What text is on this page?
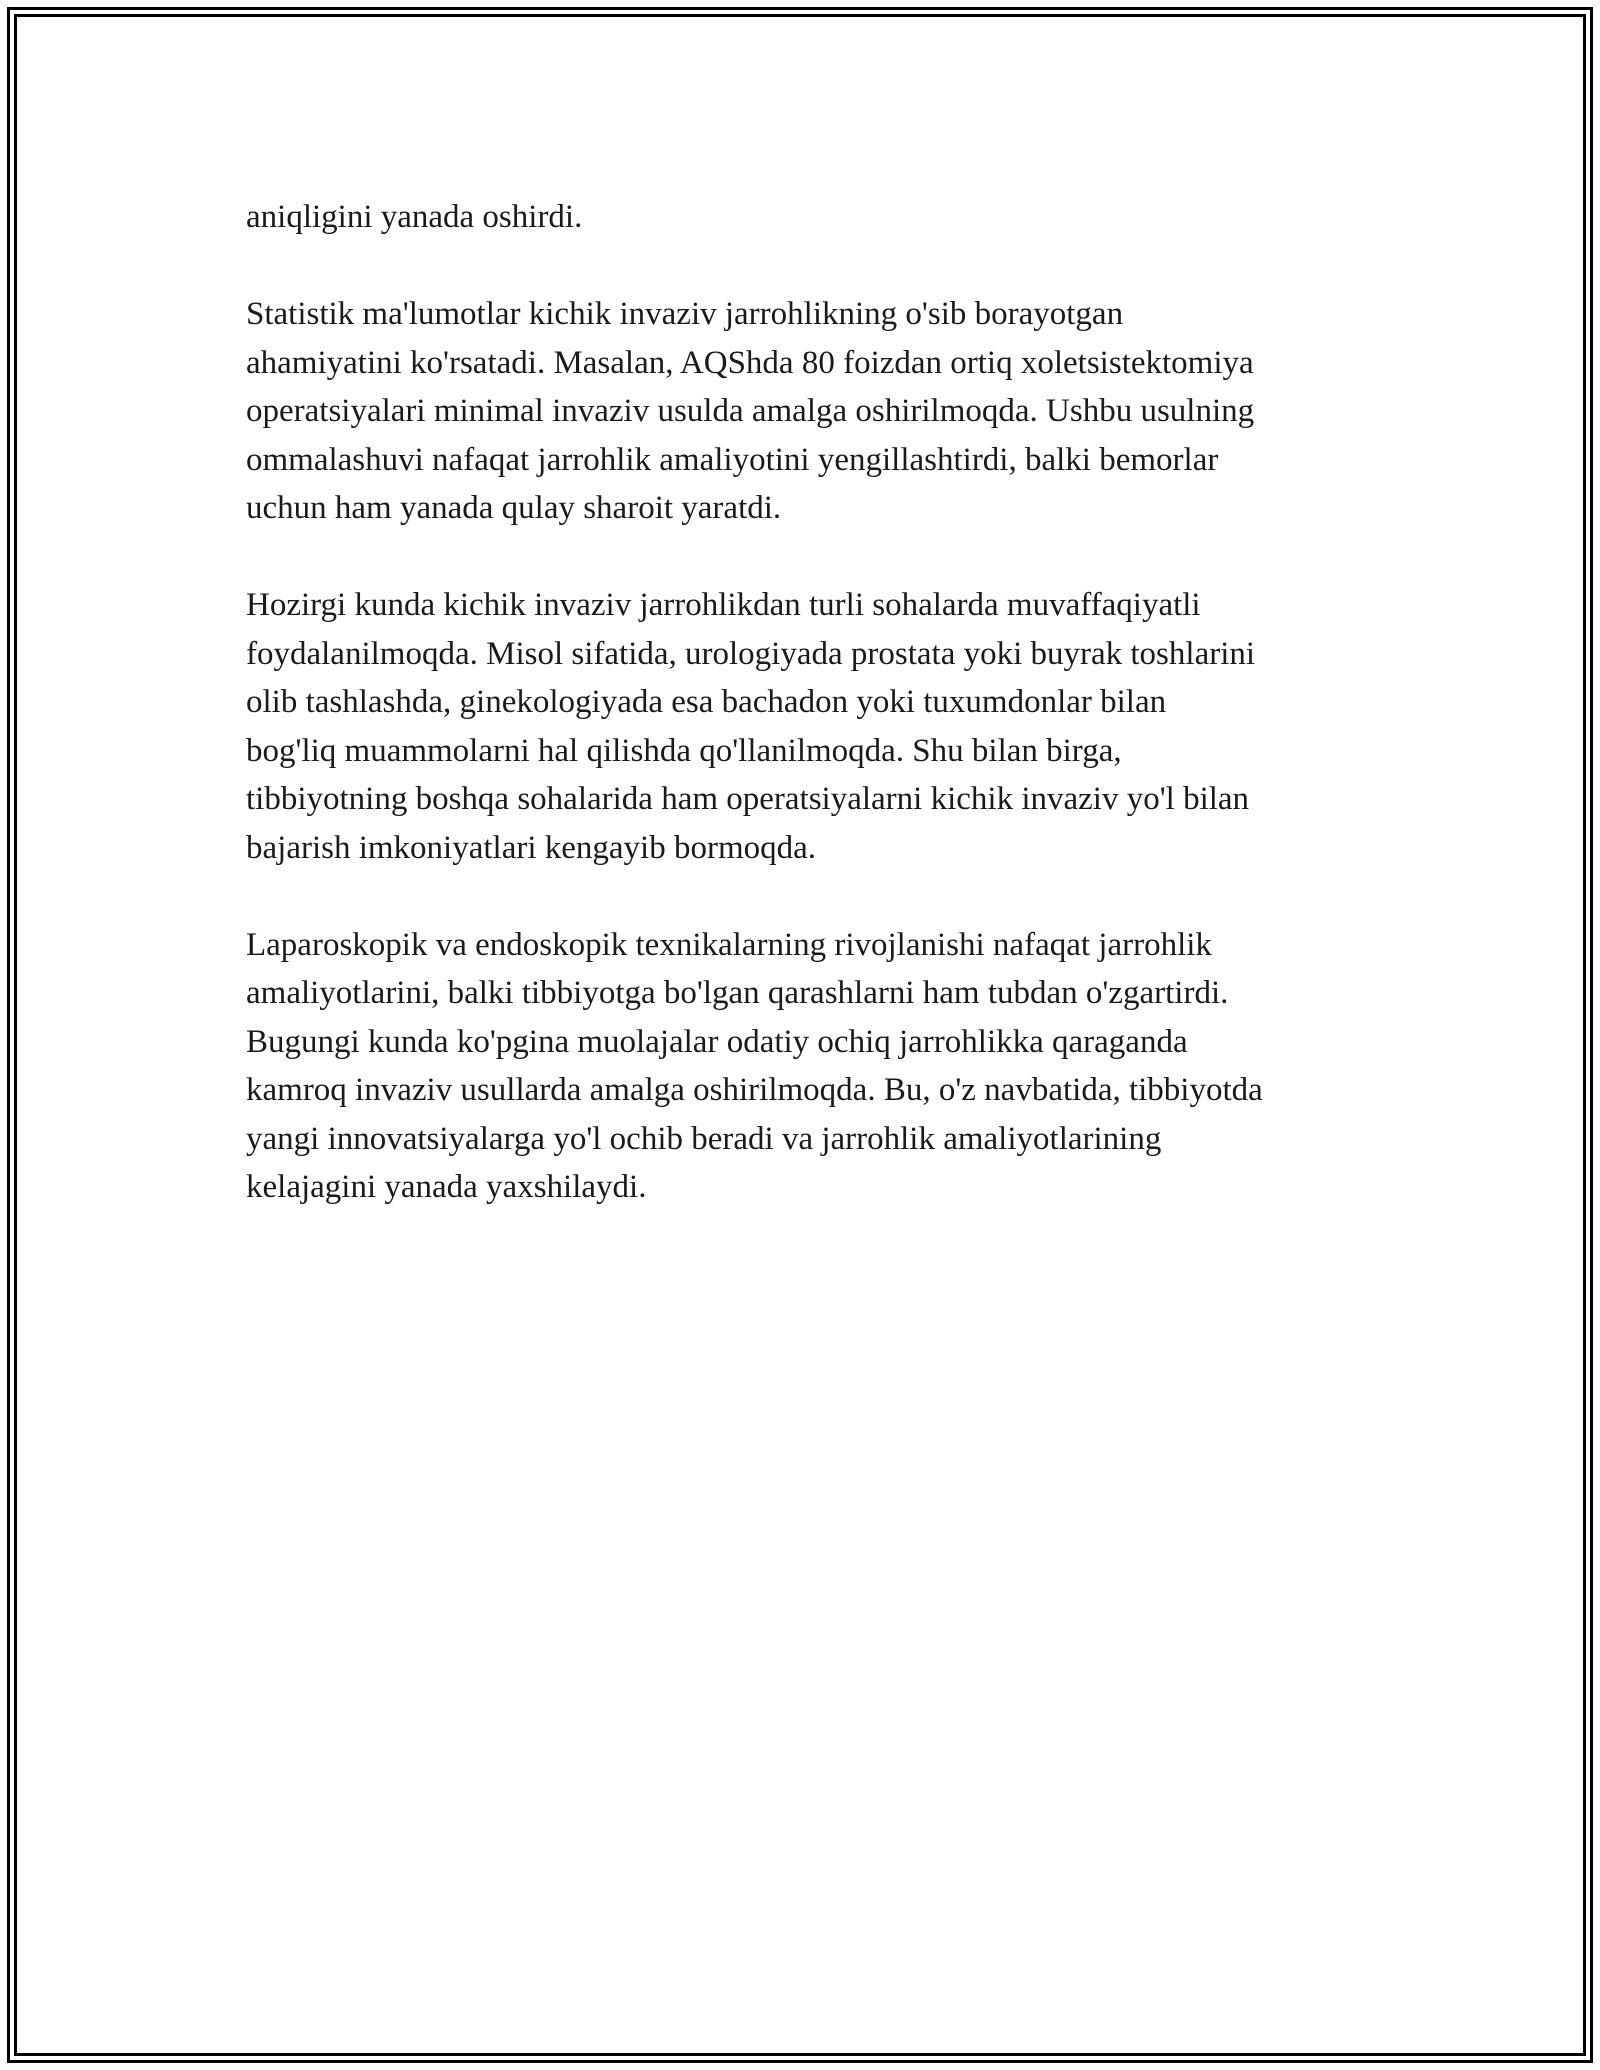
aniqligini yanada oshirdi.

Statistik ma'lumotlar kichik invaziv jarrohlikning o'sib borayotgan
ahamiyatini ko'rsatadi. Masalan, AQShda 80 foizdan ortiq xoletsistektomiya
operatsiyalari minimal invaziv usulda amalga oshirilmoqda. Ushbu usulning
ommalashuvi nafaqat jarrohlik amaliyotini yengillashtirdi, balki bemorlar
uchun ham yanada qulay sharoit yaratdi.

Hozirgi kunda kichik invaziv jarrohlikdan turli sohalarda muvaffaqiyatli
foydalanilmoqda. Misol sifatida, urologiyada prostata yoki buyrak toshlarini
olib tashlashda, ginekologiyada esa bachadon yoki tuxumdonlar bilan
bog'liq muammolarni hal qilishda qo'llanilmoqda. Shu bilan birga,
tibbiyotning boshqa sohalarida ham operatsiyalarni kichik invaziv yo'l bilan
bajarish imkoniyatlari kengayib bormoqda.

Laparoskopik va endoskopik texnikalarning rivojlanishi nafaqat jarrohlik
amaliyotlarini, balki tibbiyotga bo'lgan qarashlarni ham tubdan o'zgartirdi.
Bugungi kunda ko'pgina muolajalar odatiy ochiq jarrohlikka qaraganda
kamroq invaziv usullarda amalga oshirilmoqda. Bu, o'z navbatida, tibbiyotda
yangi innovatsiyalarga yo'l ochib beradi va jarrohlik amaliyotlarining
kelajagini yanada yaxshilaydi.
